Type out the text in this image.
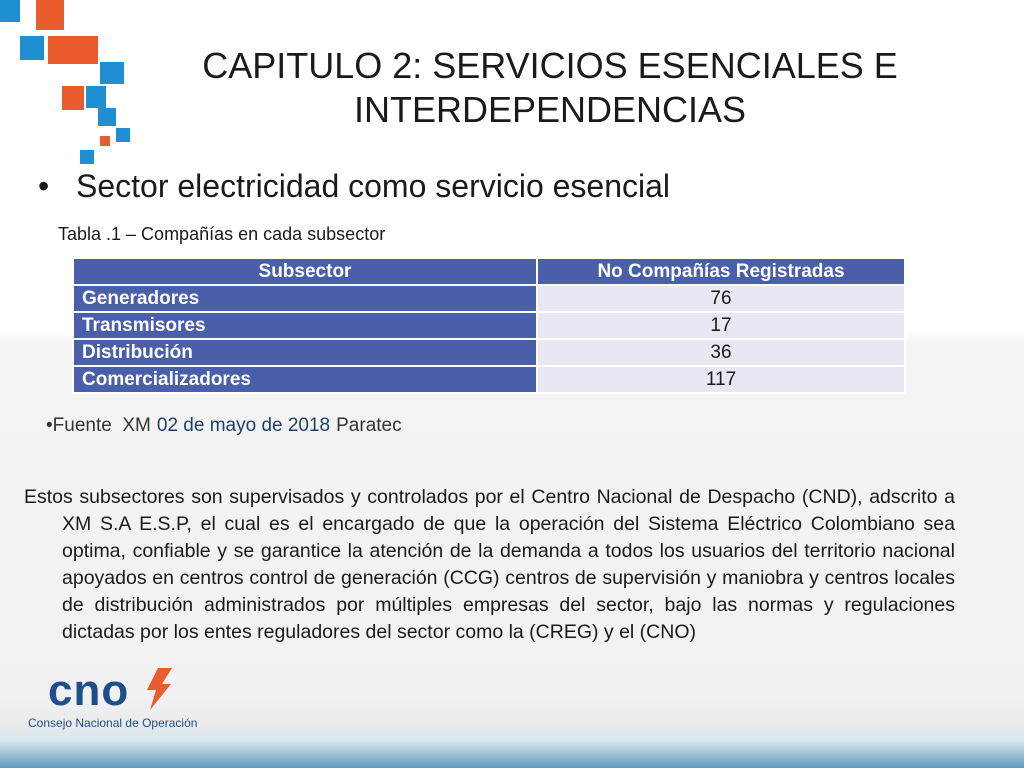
CAPITULO 2: SERVICIOS ESENCIALES E INTERDEPENDENCIAS
• Sector electricidad como servicio esencial
Tabla .1 – Compañías en cada subsector
Subsector	No Compañías Registradas
Generadores	76
Transmisores	17
Distribución	36
Comercializadores	117
•Fuente  XM 02 de mayo de 2018 Paratec
Estos subsectores son supervisados y controlados por el Centro Nacional de Despacho (CND), adscrito a XM S.A E.S.P, el cual es el encargado de que la operación del Sistema Eléctrico Colombiano sea optima, confiable y se garantice la atención de la demanda a todos los usuarios del territorio nacional apoyados en centros control de generación (CCG) centros de supervisión y maniobra y centros locales de distribución administrados por múltiples empresas del sector, bajo las normas y regulaciones dictadas por los entes reguladores del sector como la (CREG) y el (CNO)
cno
Consejo Nacional de Operación
